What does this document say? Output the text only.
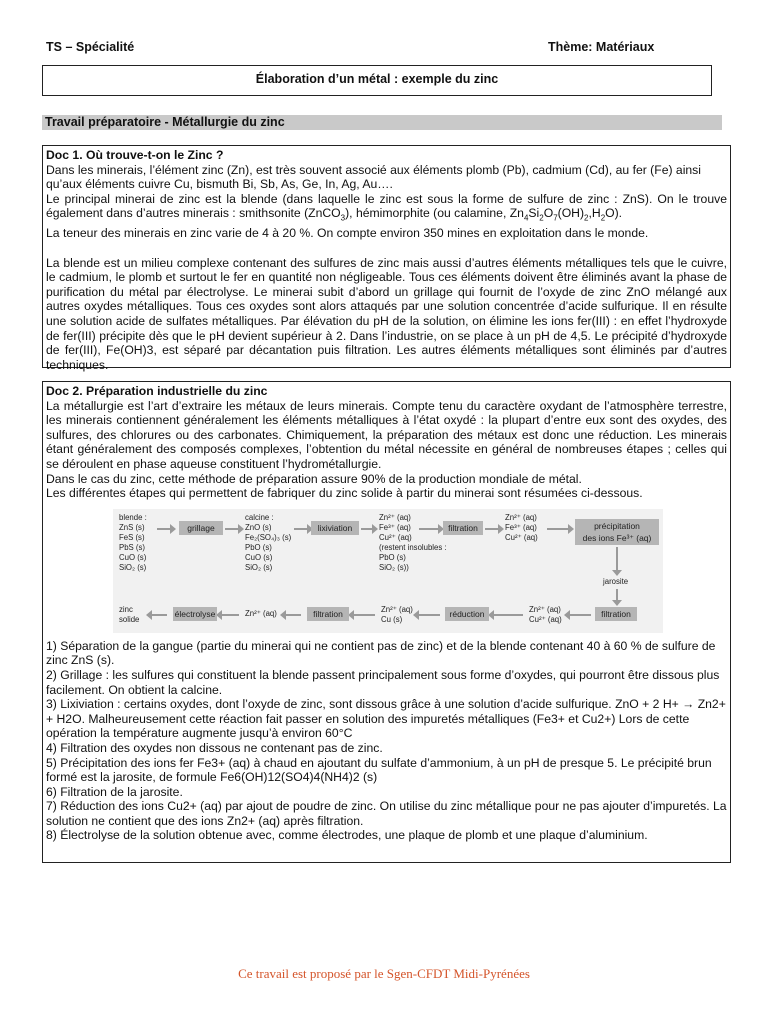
TS – Spécialité	Thème: Matériaux
Élaboration d’un métal : exemple du zinc
Travail préparatoire - Métallurgie du zinc
Doc 1. Où trouve-t-on le Zinc ?

Dans les minerais, l’élément zinc (Zn), est très souvent associé aux éléments plomb (Pb), cadmium (Cd), au fer (Fe) ainsi qu’aux éléments cuivre Cu, bismuth Bi, Sb, As, Ge, In, Ag, Au….

Le principal minerai de zinc est la blende (dans laquelle le zinc est sous la forme de sulfure de zinc : ZnS). On le trouve également dans d’autres minerais : smithsonite (ZnCO$_3$), hémimorphite (ou calamine, $Zn_4Si_2O_7(OH)_2,H_2O$).

La teneur des minerais en zinc varie de 4 à 20 %. On compte environ 350 mines en exploitation dans le monde.

La blende est un milieu complexe contenant des sulfures de zinc mais aussi d’autres éléments métalliques tels que le cuivre, le cadmium, le plomb et surtout le fer en quantité non négligeable. Tous ces éléments doivent être éliminés avant la phase de purification du métal par électrolyse. Le minerai subit d’abord un grillage qui fournit de l’oxyde de zinc ZnO mélangé aux autres oxydes métalliques. Tous ces oxydes sont alors attaqués par une solution concentrée d’acide sulfurique. Il en résulte une solution acide de sulfates métalliques. Par élévation du pH de la solution, on élimine les ions fer(III) : en effet l’hydroxyde de fer(III) précipite dès que le pH devient supérieur à 2. Dans l’industrie, on se place à un pH de 4,5. Le précipité d’hydroxyde de fer(III), Fe(OH)3, est séparé par décantation puis filtration. Les autres éléments métalliques sont éliminés par d’autres techniques.

Doc 2. Préparation industrielle du zinc

La métallurgie est l’art d’extraire les métaux de leurs minerais. Compte tenu du caractère oxydant de l’atmosphère terrestre, les minerais contiennent généralement les éléments métalliques à l’état oxydé : la plupart d’entre eux sont des oxydes, des sulfures, des chlorures ou des carbonates. Chimiquement, la préparation des métaux est donc une réduction. Les minerais étant généralement des composés complexes, l’obtention du métal nécessite en général de nombreuses étapes ; celles qui se déroulent en phase aqueuse constituent l’hydrométallurgie.

Dans le cas du zinc, cette méthode de préparation assure 90% de la production mondiale de métal.

Les différentes étapes qui permettent de fabriquer du zinc solide à partir du minerai sont résumées ci-dessous.

blende :
ZnS (s)
FeS (s)
PbS (s)
CuO (s)
SiO₂ (s)
grillage
calcine :
ZnO (s)
Fe₂(SO₄)₃ (s)
PbO (s)
CuO (s)
SiO₂ (s)
lixiviation
Zn²⁺ (aq)
Fe³⁺ (aq)
Cu²⁺ (aq)
(restent insolubles :
PbO (s)
SiO₂ (s))
filtration
Zn²⁺ (aq)
Fe³⁺ (aq)
Cu²⁺ (aq)
précipitation
des ions Fe³⁺ (aq)
jarosite
filtration
Zn²⁺ (aq)
Cu²⁺ (aq)
réduction
Zn²⁺ (aq)
Cu (s)
filtration
Zn²⁺ (aq)
électrolyse
zinc
solide

1) Séparation de la gangue (partie du minerai qui ne contient pas de zinc) et de la blende contenant 40 à 60 % de sulfure de zinc ZnS (s).

2) Grillage : les sulfures qui constituent la blende passent principalement sous forme d’oxydes, qui pourront être dissous plus facilement. On obtient la calcine.

3) Lixiviation : certains oxydes, dont l’oxyde de zinc, sont dissous grâce à une solution d’acide sulfurique. ZnO + 2 H+ → Zn2+ + H2O. Malheureusement cette réaction fait passer en solution des impuretés métalliques (Fe3+ et Cu2+) Lors de cette opération la température augmente jusqu’à environ 60°C

4) Filtration des oxydes non dissous ne contenant pas de zinc.

5) Précipitation des ions fer Fe3+ (aq) à chaud en ajoutant du sulfate d’ammonium, à un pH de presque 5. Le précipité brun formé est la jarosite, de formule Fe6(OH)12(SO4)4(NH4)2 (s)

6) Filtration de la jarosite.

7) Réduction des ions Cu2+ (aq) par ajout de poudre de zinc. On utilise du zinc métallique pour ne pas ajouter d’impuretés. La solution ne contient que des ions Zn2+ (aq) après filtration.

8) Électrolyse de la solution obtenue avec, comme électrodes, une plaque de plomb et une plaque d’aluminium.

Ce travail est proposé par le Sgen-CFDT Midi-Pyrénées
